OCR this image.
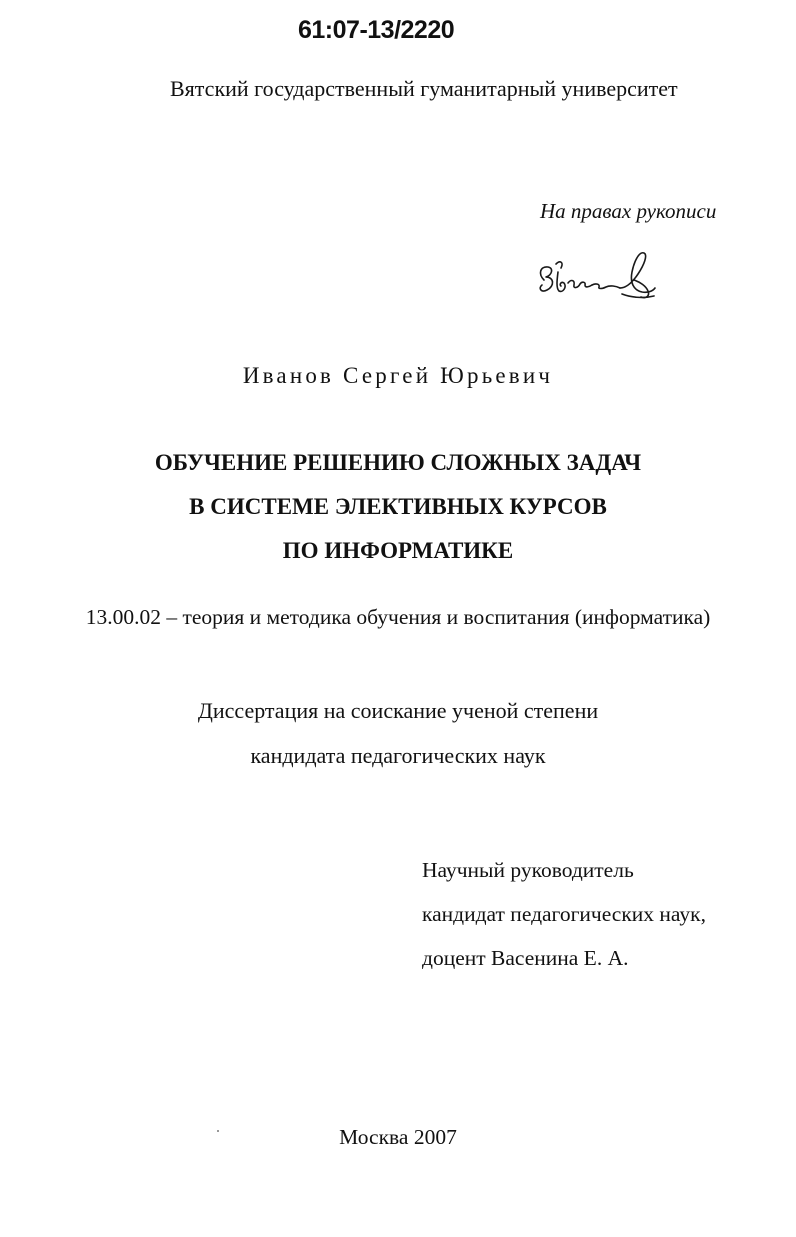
61:07-13/2220
Вятский государственный гуманитарный университет
На правах рукописи
Иванов Сергей Юрьевич
ОБУЧЕНИЕ РЕШЕНИЮ СЛОЖНЫХ ЗАДАЧ
В СИСТЕМЕ ЭЛЕКТИВНЫХ КУРСОВ
ПО ИНФОРМАТИКЕ
13.00.02 – теория и методика обучения и воспитания (информатика)
Диссертация на соискание ученой степени
кандидата педагогических наук
Научный руководитель
кандидат педагогических наук,
доцент Васенина Е. А.
Москва 2007
